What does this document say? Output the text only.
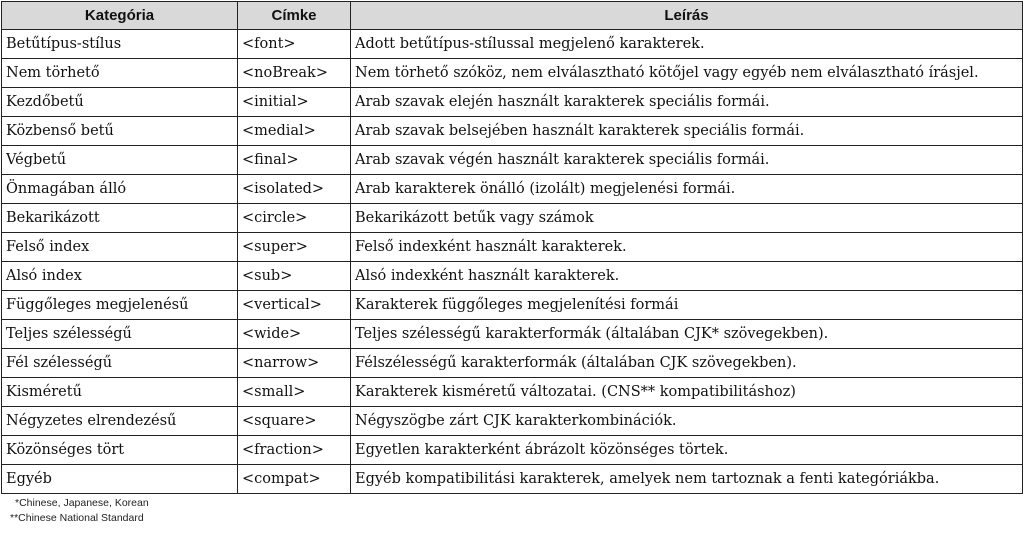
Kategória	Címke	Leírás
Betűtípus-stílus	<font>	Adott betűtípus-stílussal megjelenő karakterek.
Nem törhető	<noBreak>	Nem törhető szóköz, nem elválasztható kötőjel vagy egyéb nem elválasztható írásjel.
Kezdőbetű	<initial>	Arab szavak elején használt karakterek speciális formái.
Közbenső betű	<medial>	Arab szavak belsejében használt karakterek speciális formái.
Végbetű	<final>	Arab szavak végén használt karakterek speciális formái.
Önmagában álló	<isolated>	Arab karakterek önálló (izolált) megjelenési formái.
Bekarikázott	<circle>	Bekarikázott betűk vagy számok
Felső index	<super>	Felső indexként használt karakterek.
Alsó index	<sub>	Alsó indexként használt karakterek.
Függőleges megjelenésű	<vertical>	Karakterek függőleges megjelenítési formái
Teljes szélességű	<wide>	Teljes szélességű karakterformák (általában CJK* szövegekben).
Fél szélességű	<narrow>	Félszélességű karakterformák (általában CJK szövegekben).
Kisméretű	<small>	Karakterek kisméretű változatai. (CNS** kompatibilitáshoz)
Négyzetes elrendezésű	<square>	Négyszögbe zárt CJK karakterkombinációk.
Közönséges tört	<fraction>	Egyetlen karakterként ábrázolt közönséges törtek.
Egyéb	<compat>	Egyéb kompatibilitási karakterek, amelyek nem tartoznak a fenti kategóriákba.
*Chinese, Japanese, Korean
**Chinese National Standard
